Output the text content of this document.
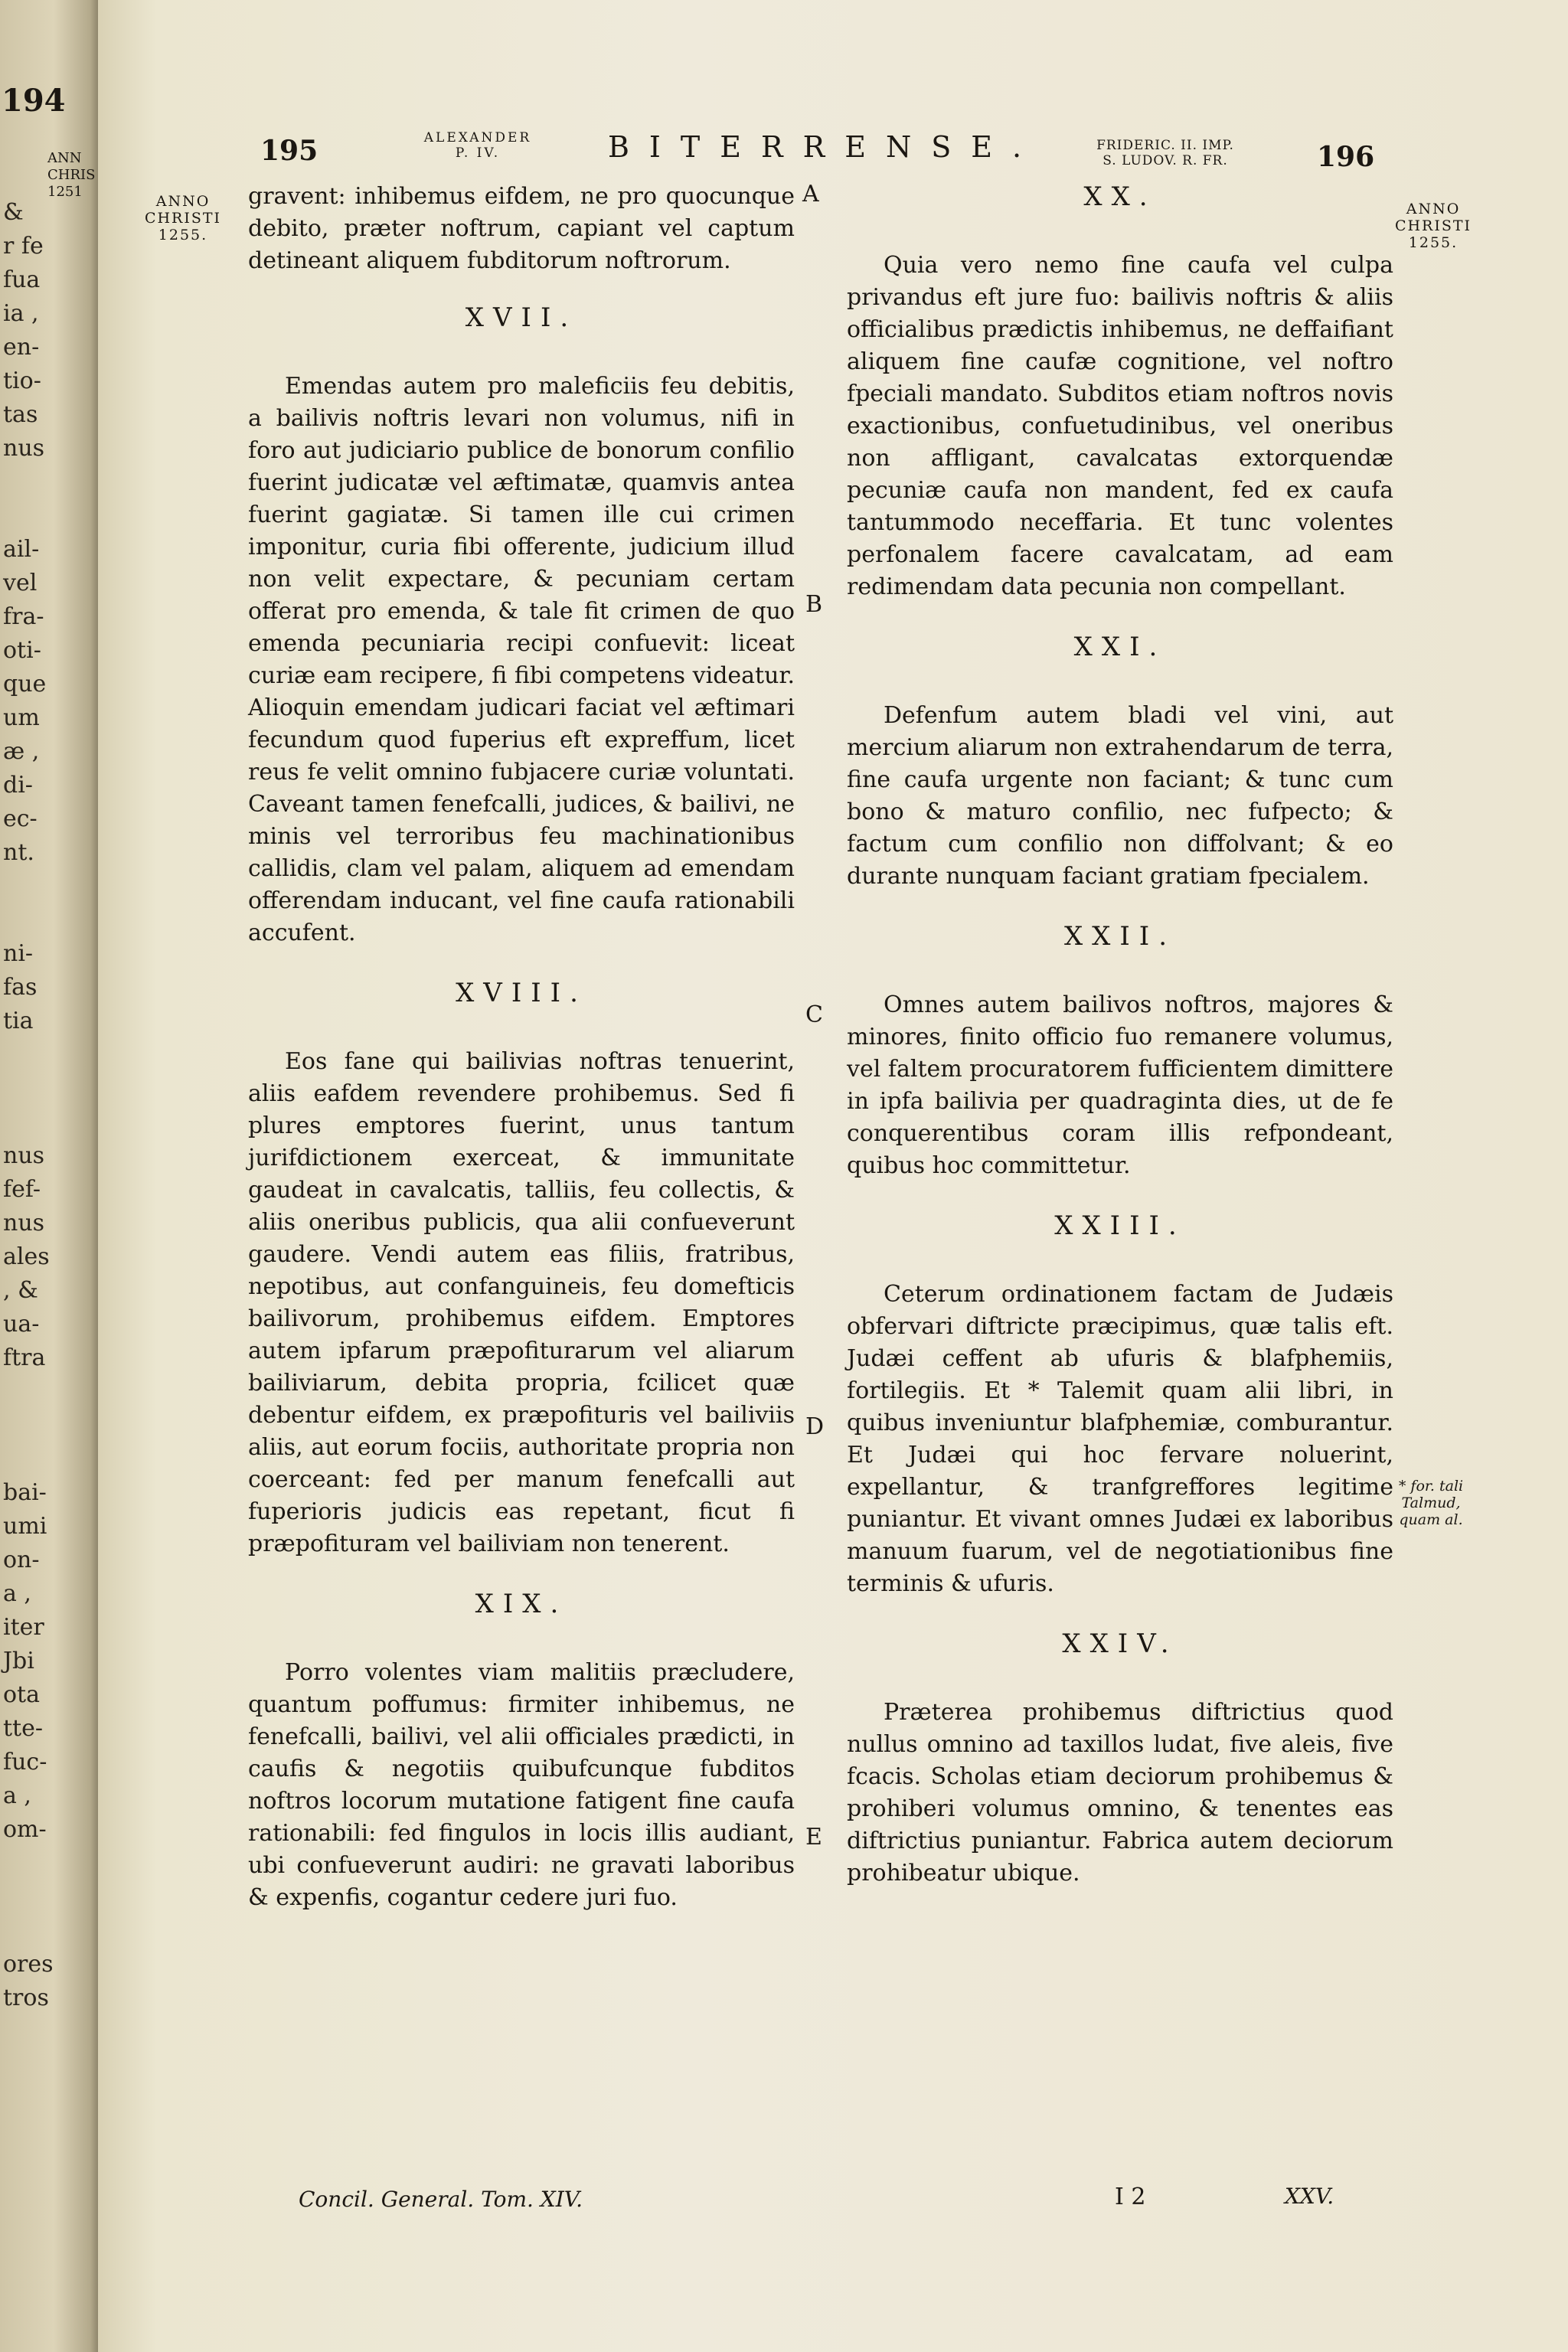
194
ANN
CHRIS
1251
&
r fe
fua
ia ,
en-
tio-
tas
nus

ail-
vel
fra-
oti-
que
um
æ ,
di-
ec-
nt.

ni-
fas
tia

nus
fef-
nus
ales
, &
ua-
ftra

bai-
umi
on-
a ,
iter
Jbi
ota
tte-
fuc-
a ,
om-

ores
tros
195	ALEXANDER
P. IV.	BITERRENSE.	FRIDERIC. II. IMP.
S. LUDOV. R. FR.	196
ANNO
CHRISTI
1255.
ANNO
CHRISTI
1255.
A
B
C
D
E
* for. tali
Talmud,
quam al.

gravent: inhibemus eifdem, ne pro quocunque debito, præter noftrum, capiant vel captum detineant aliquem fubditorum noftrorum.

XVII.

Emendas autem pro maleficiis feu debitis, a bailivis noftris levari non volumus, nifi in foro aut judiciario publice de bonorum confilio fuerint judicatæ vel æftimatæ, quamvis antea fuerint gagiatæ. Si tamen ille cui crimen imponitur, curia fibi offerente, judicium illud non velit expectare, & pecuniam certam offerat pro emenda, & tale fit crimen de quo emenda pecuniaria recipi confuevit: liceat curiæ eam recipere, fi fibi competens videatur. Alioquin emendam judicari faciat vel æftimari fecundum quod fuperius eft expreffum, licet reus fe velit omnino fubjacere curiæ voluntati. Caveant tamen fenefcalli, judices, & bailivi, ne minis vel terroribus feu machinationibus callidis, clam vel palam, aliquem ad emendam offerendam inducant, vel fine caufa rationabili accufent.

XVIII.

Eos fane qui bailivias noftras tenuerint, aliis eafdem revendere prohibemus. Sed fi plures emptores fuerint, unus tantum jurifdictionem exerceat, & immunitate gaudeat in cavalcatis, talliis, feu collectis, & aliis oneribus publicis, qua alii confueverunt gaudere. Vendi autem eas filiis, fratribus, nepotibus, aut confanguineis, feu domefticis bailivorum, prohibemus eifdem. Emptores autem ipfarum præpofiturarum vel aliarum bailiviarum, debita propria, fcilicet quæ debentur eifdem, ex præpofituris vel bailiviis aliis, aut eorum fociis, authoritate propria non coerceant: fed per manum fenefcalli aut fuperioris judicis eas repetant, ficut fi præpofituram vel bailiviam non tenerent.

XIX.

Porro volentes viam malitiis præcludere, quantum poffumus: firmiter inhibemus, ne fenefcalli, bailivi, vel alii officiales prædicti, in caufis & negotiis quibufcunque fubditos noftros locorum mutatione fatigent fine caufa rationabili: fed fingulos in locis illis audiant, ubi confueverunt audiri: ne gravati laboribus & expenfis, cogantur cedere juri fuo.

XX.

Quia vero nemo fine caufa vel culpa privandus eft jure fuo: bailivis noftris & aliis officialibus prædictis inhibemus, ne deffaifiant aliquem fine caufæ cognitione, vel noftro fpeciali mandato. Subditos etiam noftros novis exactionibus, confuetudinibus, vel oneribus non affligant, cavalcatas extorquendæ pecuniæ caufa non mandent, fed ex caufa tantummodo neceffaria. Et tunc volentes perfonalem facere cavalcatam, ad eam redimendam data pecunia non compellant.

XXI.

Defenfum autem bladi vel vini, aut mercium aliarum non extrahendarum de terra, fine caufa urgente non faciant; & tunc cum bono & maturo confilio, nec fufpecto; & factum cum confilio non diffolvant; & eo durante nunquam faciant gratiam fpecialem.

XXII.

Omnes autem bailivos noftros, majores & minores, finito officio fuo remanere volumus, vel faltem procuratorem fufficientem dimittere in ipfa bailivia per quadraginta dies, ut de fe conquerentibus coram illis refpondeant, quibus hoc committetur.

XXIII.

Ceterum ordinationem factam de Judæis obfervari diftricte præcipimus, quæ talis eft. Judæi ceffent ab ufuris & blafphemiis, fortilegiis. Et * Talemit quam alii libri, in quibus inveniuntur blafphemiæ, comburantur. Et Judæi qui hoc fervare noluerint, expellantur, & tranfgreffores legitime puniantur. Et vivant omnes Judæi ex laboribus manuum fuarum, vel de negotiationibus fine terminis & ufuris.

XXIV.

Præterea prohibemus diftrictius quod nullus omnino ad taxillos ludat, five aleis, five fcacis. Scholas etiam deciorum prohibemus & prohiberi volumus omnino, & tenentes eas diftrictius puniantur. Fabrica autem deciorum prohibeatur ubique.

Concil. General. Tom. XIV.	I 2	XXV.
